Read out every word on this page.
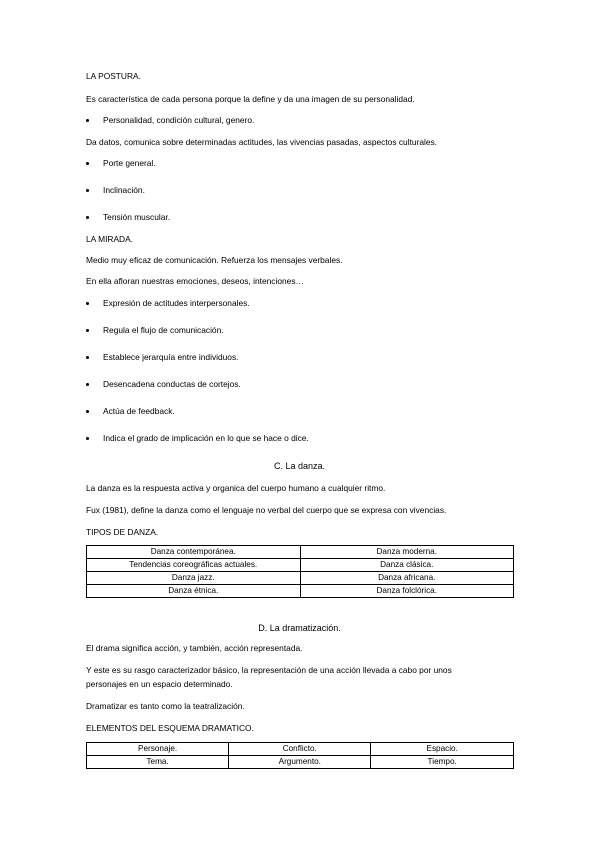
LA POSTURA.
Es característica de cada persona porque la define y da una imagen de su personalidad.
Personalidad, condición cultural, genero.
Da datos, comunica sobre determinadas actitudes, las vivencias pasadas, aspectos culturales.
Porte general.
Inclinación.
Tensión muscular.
LA MIRADA.
Medio muy eficaz de comunicación. Refuerza los mensajes verbales.
En ella afloran nuestras emociones, deseos, intenciones…
Expresión de actitudes interpersonales.
Regula el flujo de comunicación.
Establece jerarquía entre individuos.
Desencadena conductas de cortejos.
Actúa de feedback.
Indica el grado de implicación en lo que se hace o dice.
C. La danza.
La danza es la respuesta activa y organica del cuerpo humano a cualquier ritmo.
Fux (1981), define la danza como el lenguaje no verbal del cuerpo que se expresa con vivencias.
TIPOS DE DANZA.
Danza contemporánea.	Danza moderna.
Tendencias coreográficas actuales.	Danza clásica.
Danza jazz.	Danza africana.
Danza étnica.	Danza folclórica.
D. La dramatización.
El drama significa acción, y también, acción representada.
Y este es su rasgo caracterizador básico, la representación de una acción llevada a cabo por unos
personajes en un espacio determinado.
Dramatizar es tanto como la teatralización.
ELEMENTOS DEL ESQUEMA DRAMATICO.
Personaje.	Conflicto.	Espacio.
Tema.	Argumento.	Tiempo.
